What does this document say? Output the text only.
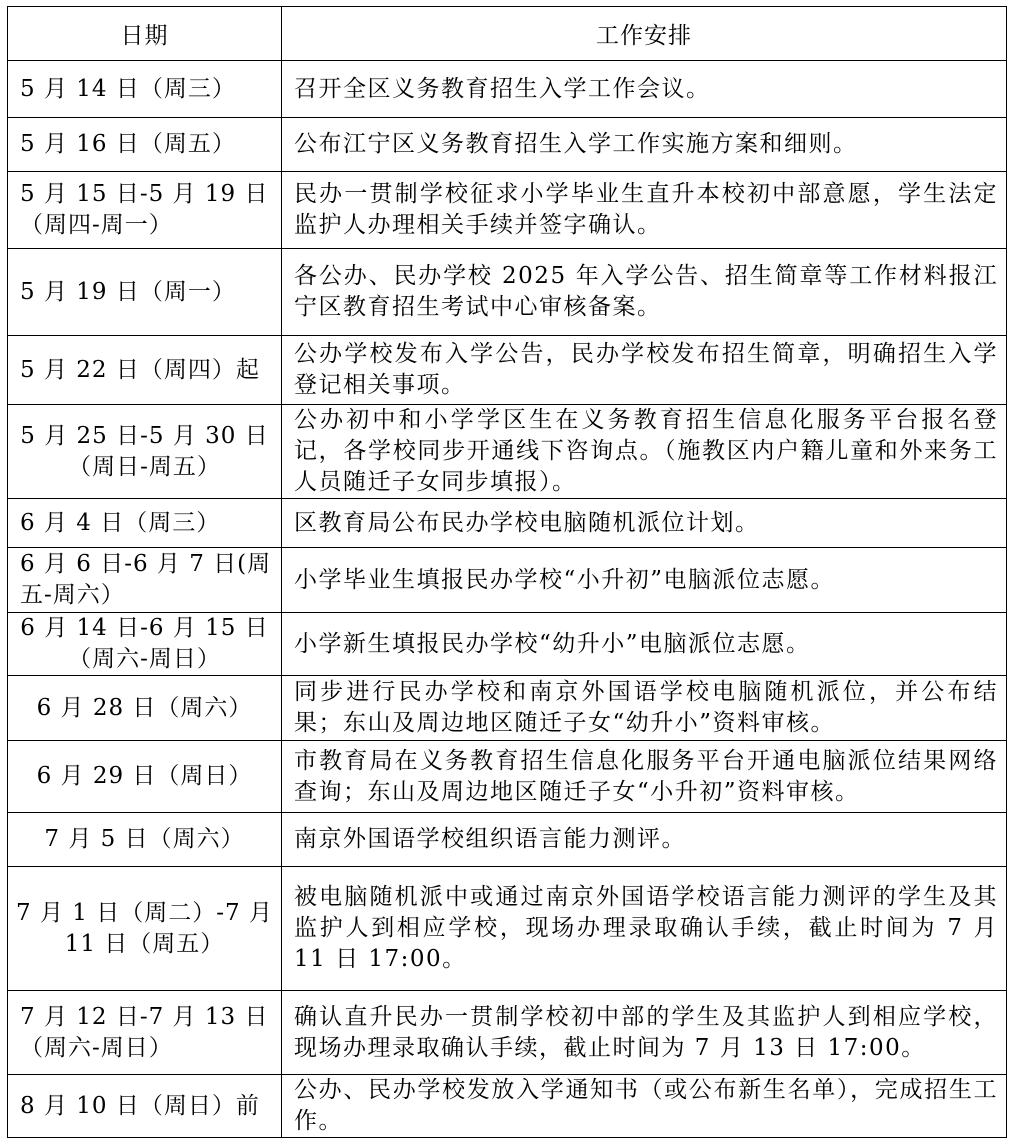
日期	工作安排
5 月 14 日（周三）	召开全区义务教育招生入学工作会议。
5 月 16 日（周五）	公布江宁区义务教育招生入学工作实施方案和细则。
5 月 15 日-5 月 19 日（周四-周一）	民办一贯制学校征求小学毕业生直升本校初中部意愿，学生法定监护人办理相关手续并签字确认。
5 月 19 日（周一）	各公办、民办学校 2025 年入学公告、招生简章等工作材料报江宁区教育招生考试中心审核备案。
5 月 22 日（周四）起	公办学校发布入学公告，民办学校发布招生简章，明确招生入学登记相关事项。
5 月 25 日-5 月 30 日（周日-周五）	公办初中和小学学区生在义务教育招生信息化服务平台报名登记，各学校同步开通线下咨询点。（施教区内户籍儿童和外来务工人员随迁子女同步填报）。
6 月 4 日（周三）	区教育局公布民办学校电脑随机派位计划。
6 月 6 日-6 月 7 日(周五-周六）	小学毕业生填报民办学校“小升初”电脑派位志愿。
6 月 14 日-6 月 15 日（周六-周日）	小学新生填报民办学校“幼升小”电脑派位志愿。
6 月 28 日（周六）	同步进行民办学校和南京外国语学校电脑随机派位，并公布结果；东山及周边地区随迁子女“幼升小”资料审核。
6 月 29 日（周日）	市教育局在义务教育招生信息化服务平台开通电脑派位结果网络查询；东山及周边地区随迁子女“小升初”资料审核。
7 月 5 日（周六）	南京外国语学校组织语言能力测评。
7 月 1 日（周二）-7 月 11 日（周五）	被电脑随机派中或通过南京外国语学校语言能力测评的学生及其监护人到相应学校，现场办理录取确认手续，截止时间为 7 月 11 日 17:00。
7 月 12 日-7 月 13 日（周六-周日）	确认直升民办一贯制学校初中部的学生及其监护人到相应学校，现场办理录取确认手续，截止时间为 7 月 13 日 17:00。
8 月 10 日（周日）前	公办、民办学校发放入学通知书（或公布新生名单），完成招生工作。
